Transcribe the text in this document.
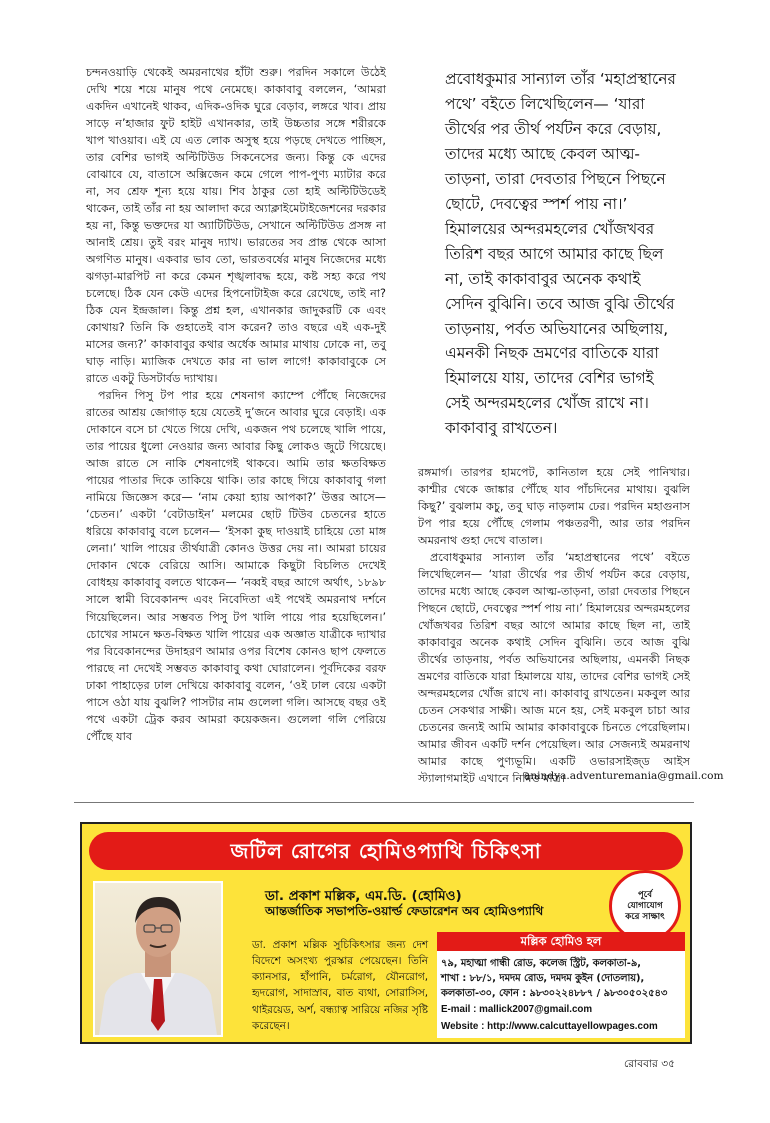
চন্দনওয়াড়ি থেকেই অমরনাথের হাঁটা শুরু। পরদিন সকালে উঠেই দেখি শয়ে শয়ে মানুষ পথে নেমেছে। কাকাবাবু বললেন, ‘আমরা একদিন এখানেই থাকব, এদিক-ওদিক ঘুরে বেড়াব, লঙ্গরে খাব। প্রায় সাড়ে ন’হাজার ফুট হাইট এখানকার, তাই উচ্চতার সঙ্গে শরীরকে খাপ খাওয়াব। এই যে এত লোক অসুস্থ হয়ে পড়ছে দেখতে পাচ্ছিস, তার বেশির ভাগই অল্টিটিউড সিকনেসের জন্য। কিন্তু কে এদের বোঝাবে যে, বাতাসে অক্সিজেন কমে গেলে পাপ-পুণ্য ম্যাটার করে না, সব শ্রেফ শূন্য হয়ে যায়। শিব ঠাকুর তো হাই অল্টিটিউডেই থাকেন, তাই তাঁর না হয় আলাদা করে অ্যাক্লাইমেটাইজেশনের দরকার হয় না, কিন্তু ভক্তদের যা অ্যাটিটিউড, সেখানে অল্টিটিউড প্রসঙ্গ না আনাই শ্রেয়। তুই বরং মানুষ দ্যাখ। ভারতের সব প্রান্ত থেকে আসা অগণিত মানুষ। একবার ভাব তো, ভারতবর্ষের মানুষ নিজেদের মধ্যে ঝগড়া-মারপিট না করে কেমন শৃঙ্খলাবদ্ধ হয়ে, কষ্ট সহ্য করে পথ চলেছে। ঠিক যেন কেউ এদের হিপনোটাইজ করে রেখেছে, তাই না? ঠিক যেন ইন্দ্রজাল। কিন্তু প্রশ্ন হল, এখানকার জাদুকরটি কে এবং কোথায়? তিনি কি গুহাতেই বাস করেন? তাও বছরে এই এক-দুই মাসের জন্য?’ কাকাবাবুর কথার অর্ধেক আমার মাথায় ঢোকে না, তবু ঘাড় নাড়ি। ম্যাজিক দেখতে কার না ভাল লাগে! কাকাবাবুকে সে রাতে একটু ডিসটার্বড দ্যাখায়।

পরদিন পিসু টপ পার হয়ে শেষনাগ ক্যাম্পে পৌঁছে নিজেদের রাতের আশ্রয় জোগাড় হয়ে যেতেই দু’জনে আবার ঘুরে বেড়াই। এক দোকানে বসে চা খেতে গিয়ে দেখি, একজন পথ চলেছে খালি পায়ে, তার পায়ের ধুলো নেওয়ার জন্য আবার কিছু লোকও জুটে গিয়েছে। আজ রাতে সে নাকি শেষনাগেই থাকবে। আমি তার ক্ষতবিক্ষত পায়ের পাতার দিকে তাকিয়ে থাকি। তার কাছে গিয়ে কাকাবাবু গলা নামিয়ে জিজ্ঞেস করে— ‘নাম কেয়া হ্যায় আপকা?’ উত্তর আসে— ‘চেতন।’ একটা ‘বেটাডাইন’ মলমের ছোট টিউব চেতনের হাতে ধরিয়ে কাকাবাবু বলে চলেন— ‘ইসকা কুছ দাওয়াই চাহিয়ে তো মাঙ্গ লেনা।’ খালি পায়ের তীর্থযাত্রী কোনও উত্তর দেয় না। আমরা চায়ের দোকান থেকে বেরিয়ে আসি। আমাকে কিছুটা বিচলিত দেখেই বোধহয় কাকাবাবু বলতে থাকেন— ‘নব্বই বছর আগে অর্থাৎ, ১৮৯৮ সালে স্বামী বিবেকানন্দ এবং নিবেদিতা এই পথেই অমরনাথ দর্শনে গিয়েছিলেন। আর সম্ভবত পিসু টপ খালি পায়ে পার হয়েছিলেন।’ চোখের সামনে ক্ষত-বিক্ষত খালি পায়ের এক অজ্ঞাত যাত্রীকে দ্যাখার পর বিবেকানন্দের উদাহরণ আমার ওপর বিশেষ কোনও ছাপ ফেলতে পারছে না দেখেই সম্ভবত কাকাবাবু কথা ঘোরালেন। পূর্বদিকের বরফ ঢাকা পাহাড়ের ঢাল দেখিয়ে কাকাবাবু বলেন, ‘ওই ঢাল বেয়ে একটা পাসে ওঠা যায় বুঝলি? পাসটার নাম গুলেলা গলি। আসছে বছর ওই পথে একটা ট্রেক করব আমরা কয়েকজন। গুলেলা গলি পেরিয়ে পৌঁছে যাব

প্রবোধকুমার সান্যাল তাঁর ‘মহাপ্রস্থানের পথে’ বইতে লিখেছিলেন— ‘যারা তীর্থের পর তীর্থ পর্যটন করে বেড়ায়, তাদের মধ্যে আছে কেবল আত্ম-তাড়না, তারা দেবতার পিছনে পিছনে ছোটে, দেবত্বের স্পর্শ পায় না।’ হিমালয়ের অন্দরমহলের খোঁজখবর তিরিশ বছর আগে আমার কাছে ছিল না, তাই কাকাবাবুর অনেক কথাই সেদিন বুঝিনি। তবে আজ বুঝি তীর্থের তাড়নায়, পর্বত অভিযানের অছিলায়, এমনকী নিছক ভ্রমণের বাতিকে যারা হিমালয়ে যায়, তাদের বেশির ভাগই সেই অন্দরমহলের খোঁজ রাখে না। কাকাবাবু রাখতেন।

রঙ্গমার্গ। তারপর হামপেট, কানিতাল হয়ে সেই পানিখার। কাশ্মীর থেকে জাঙ্কার পৌঁছে যাব পাঁচদিনের মাথায়। বুঝলি কিছু?’ বুঝলাম কচু, তবু ঘাড় নাড়লাম ঢের। পরদিন মহাগুনাস টপ পার হয়ে পৌঁছে গেলাম পঞ্চতরণী, আর তার পরদিন অমরনাথ গুহা দেখে বাতাল।

প্রবোধকুমার সান্যাল তাঁর ‘মহাপ্রস্থানের পথে’ বইতে লিখেছিলেন— ‘যারা তীর্থের পর তীর্থ পর্যটন করে বেড়ায়, তাদের মধ্যে আছে কেবল আত্ম-তাড়না, তারা দেবতার পিছনে পিছনে ছোটে, দেবত্বের স্পর্শ পায় না।’ হিমালয়ের অন্দরমহলের খোঁজখবর তিরিশ বছর আগে আমার কাছে ছিল না, তাই কাকাবাবুর অনেক কথাই সেদিন বুঝিনি। তবে আজ বুঝি তীর্থের তাড়নায়, পর্বত অভিযানের অছিলায়, এমনকী নিছক ভ্রমণের বাতিকে যারা হিমালয়ে যায়, তাদের বেশির ভাগই সেই অন্দরমহলের খোঁজ রাখে না। কাকাবাবু রাখতেন। মকবুল আর চেতন সেকথার সাক্ষী। আজ মনে হয়, সেই মকবুল চাচা আর চেতনের জন্যই আমি আমার কাকাবাবুকে চিনতে পেরেছিলাম। আমার জীবন একটি দর্শন পেয়েছিল। আর সেজন্যই অমরনাথ আমার কাছে পুণ্যভূমি। একটি ওভারসাইজ্‌ড আইস স্ট্যালাগমাইট এখানে নিমিত্ত মাত্র।

anindya.adventuremania@gmail.com
জটিল রোগের হোমিওপ্যাথি চিকিৎসা
ডা. প্রকাশ মল্লিক, এম.ডি. (হোমিও)
আন্তর্জাতিক সভাপতি-ওয়ার্ল্ড ফেডারেশন অব হোমিওপ্যাথি
পূর্বে
যোগাযোগ
করে সাক্ষাৎ
ডা. প্রকাশ মল্লিক সুচিকিৎসার জন্য দেশ বিদেশে অসংখ্য পুরস্কার পেয়েছেন। তিনি ক্যানসার, হাঁপানি, চর্মরোগ, যৌনরোগ, হৃদরোগ, সাদাস্রাব, বাত ব্যথা, সোরাসিস, থাইরয়েড, অর্শ, বন্ধ্যাত্ব সারিয়ে নজির সৃষ্টি করেছেন।
মল্লিক হোমিও হল
৭৯, মহাত্মা গান্ধী রোড, কলেজ স্ট্রিট, কলকাতা-৯,
শাখা : ৮৮/১, দমদম রোড, দমদম কুইন (দোতলায়),
কলকাতা-৩০, ফোন : ৯৮৩০২২৪৮৮৭ / ৯৮৩০৫০২৫৪৩
E-mail : mallick2007@gmail.com
Website : http://www.calcuttayellowpages.com
রোববার ৩৫
